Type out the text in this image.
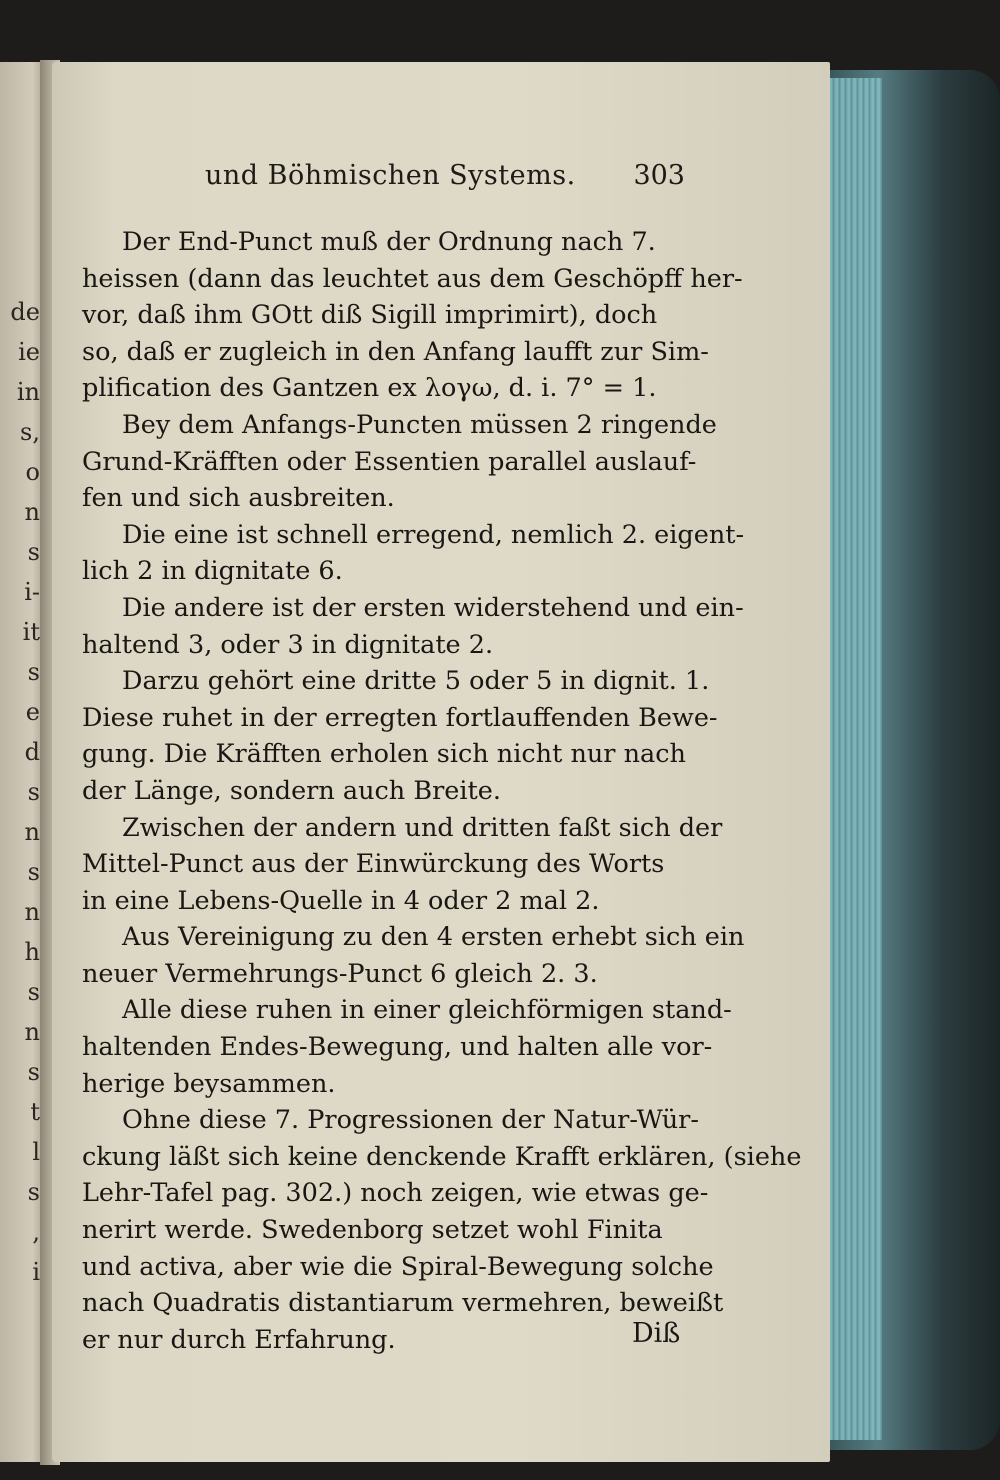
de
ie
in
s,
o
n
s
i-
it
s
e
d
s
n
s
n
h
s
n
s
t
l
s
,
i
und Böhmischen Systems. 303
Der End-Punct muß der Ordnung nach 7.
heissen (dann das leuchtet aus dem Geschöpff her-
vor, daß ihm GOtt diß Sigill imprimirt), doch
so, daß er zugleich in den Anfang laufft zur Sim-
plification des Gantzen ex λογω, d. i. 7° = 1.
Bey dem Anfangs-Puncten müssen 2 ringende
Grund-Kräfften oder Essentien parallel auslauf-
fen und sich ausbreiten.
Die eine ist schnell erregend, nemlich 2. eigent-
lich 2 in dignitate 6.
Die andere ist der ersten widerstehend und ein-
haltend 3, oder 3 in dignitate 2.
Darzu gehört eine dritte 5 oder 5 in dignit. 1.
Diese ruhet in der erregten fortlauffenden Bewe-
gung. Die Kräfften erholen sich nicht nur nach
der Länge, sondern auch Breite.
Zwischen der andern und dritten faßt sich der
Mittel-Punct aus der Einwürckung des Worts
in eine Lebens-Quelle in 4 oder 2 mal 2.
Aus Vereinigung zu den 4 ersten erhebt sich ein
neuer Vermehrungs-Punct 6 gleich 2. 3.
Alle diese ruhen in einer gleichförmigen stand-
haltenden Endes-Bewegung, und halten alle vor-
herige beysammen.
Ohne diese 7. Progressionen der Natur-Wür-
ckung läßt sich keine denckende Krafft erklären, (siehe
Lehr-Tafel pag. 302.) noch zeigen, wie etwas ge-
nerirt werde. Swedenborg setzet wohl Finita
und activa, aber wie die Spiral-Bewegung solche
nach Quadratis distantiarum vermehren, beweißt
er nur durch Erfahrung.	Diß
